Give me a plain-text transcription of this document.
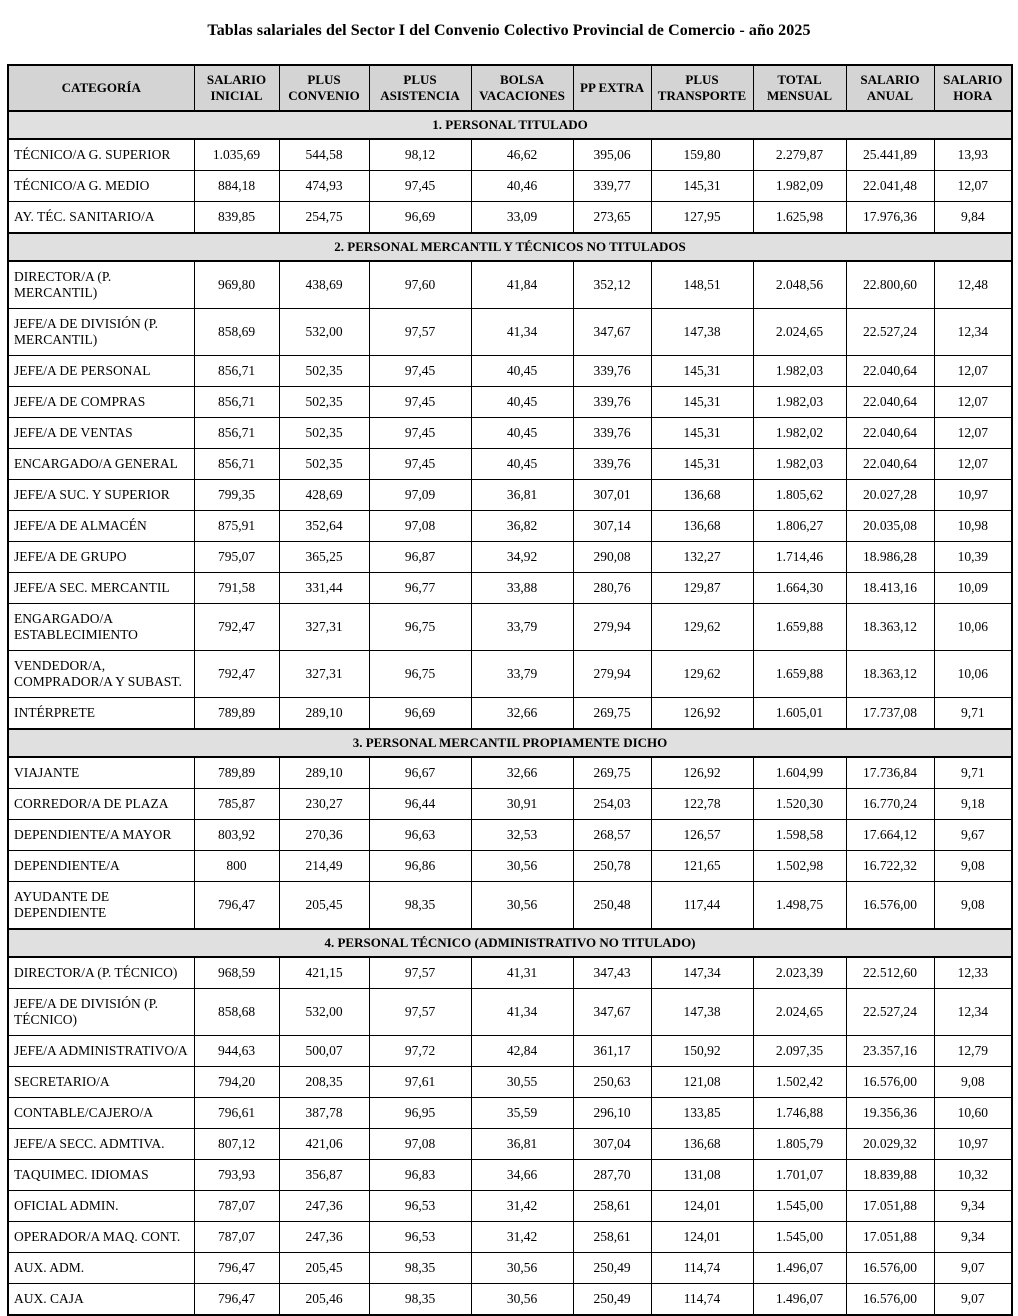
Tablas salariales del Sector I del Convenio Colectivo Provincial de Comercio - año 2025
CATEGORÍA	SALARIO INICIAL	PLUS CONVENIO	PLUS ASISTENCIA	BOLSA VACACIONES	PP EXTRA	PLUS TRANSPORTE	TOTAL MENSUAL	SALARIO ANUAL	SALARIO HORA
1. PERSONAL TITULADO									
TÉCNICO/A G. SUPERIOR	1.035,69	544,58	98,12	46,62	395,06	159,80	2.279,87	25.441,89	13,93
TÉCNICO/A G. MEDIO	884,18	474,93	97,45	40,46	339,77	145,31	1.982,09	22.041,48	12,07
AY. TÉC. SANITARIO/A	839,85	254,75	96,69	33,09	273,65	127,95	1.625,98	17.976,36	9,84
2. PERSONAL MERCANTIL Y TÉCNICOS NO TITULADOS									
DIRECTOR/A (P. MERCANTIL)	969,80	438,69	97,60	41,84	352,12	148,51	2.048,56	22.800,60	12,48
JEFE/A DE DIVISIÓN (P. MERCANTIL)	858,69	532,00	97,57	41,34	347,67	147,38	2.024,65	22.527,24	12,34
JEFE/A DE PERSONAL	856,71	502,35	97,45	40,45	339,76	145,31	1.982,03	22.040,64	12,07
JEFE/A DE COMPRAS	856,71	502,35	97,45	40,45	339,76	145,31	1.982,03	22.040,64	12,07
JEFE/A DE VENTAS	856,71	502,35	97,45	40,45	339,76	145,31	1.982,02	22.040,64	12,07
ENCARGADO/A GENERAL	856,71	502,35	97,45	40,45	339,76	145,31	1.982,03	22.040,64	12,07
JEFE/A SUC. Y SUPERIOR	799,35	428,69	97,09	36,81	307,01	136,68	1.805,62	20.027,28	10,97
JEFE/A DE ALMACÉN	875,91	352,64	97,08	36,82	307,14	136,68	1.806,27	20.035,08	10,98
JEFE/A DE GRUPO	795,07	365,25	96,87	34,92	290,08	132,27	1.714,46	18.986,28	10,39
JEFE/A SEC. MERCANTIL	791,58	331,44	96,77	33,88	280,76	129,87	1.664,30	18.413,16	10,09
ENGARGADO/A ESTABLECIMIENTO	792,47	327,31	96,75	33,79	279,94	129,62	1.659,88	18.363,12	10,06
VENDEDOR/A, COMPRADOR/A Y SUBAST.	792,47	327,31	96,75	33,79	279,94	129,62	1.659,88	18.363,12	10,06
INTÉRPRETE	789,89	289,10	96,69	32,66	269,75	126,92	1.605,01	17.737,08	9,71
3. PERSONAL MERCANTIL PROPIAMENTE DICHO									
VIAJANTE	789,89	289,10	96,67	32,66	269,75	126,92	1.604,99	17.736,84	9,71
CORREDOR/A DE PLAZA	785,87	230,27	96,44	30,91	254,03	122,78	1.520,30	16.770,24	9,18
DEPENDIENTE/A MAYOR	803,92	270,36	96,63	32,53	268,57	126,57	1.598,58	17.664,12	9,67
DEPENDIENTE/A	800	214,49	96,86	30,56	250,78	121,65	1.502,98	16.722,32	9,08
AYUDANTE DE DEPENDIENTE	796,47	205,45	98,35	30,56	250,48	117,44	1.498,75	16.576,00	9,08
4. PERSONAL TÉCNICO (ADMINISTRATIVO NO TITULADO)									
DIRECTOR/A (P. TÉCNICO)	968,59	421,15	97,57	41,31	347,43	147,34	2.023,39	22.512,60	12,33
JEFE/A DE DIVISIÓN (P. TÉCNICO)	858,68	532,00	97,57	41,34	347,67	147,38	2.024,65	22.527,24	12,34
JEFE/A ADMINISTRATIVO/A	944,63	500,07	97,72	42,84	361,17	150,92	2.097,35	23.357,16	12,79
SECRETARIO/A	794,20	208,35	97,61	30,55	250,63	121,08	1.502,42	16.576,00	9,08
CONTABLE/CAJERO/A	796,61	387,78	96,95	35,59	296,10	133,85	1.746,88	19.356,36	10,60
JEFE/A SECC. ADMTIVA.	807,12	421,06	97,08	36,81	307,04	136,68	1.805,79	20.029,32	10,97
TAQUIMEC. IDIOMAS	793,93	356,87	96,83	34,66	287,70	131,08	1.701,07	18.839,88	10,32
OFICIAL ADMIN.	787,07	247,36	96,53	31,42	258,61	124,01	1.545,00	17.051,88	9,34
OPERADOR/A MAQ. CONT.	787,07	247,36	96,53	31,42	258,61	124,01	1.545,00	17.051,88	9,34
AUX. ADM.	796,47	205,45	98,35	30,56	250,49	114,74	1.496,07	16.576,00	9,07
AUX. CAJA	796,47	205,46	98,35	30,56	250,49	114,74	1.496,07	16.576,00	9,07
